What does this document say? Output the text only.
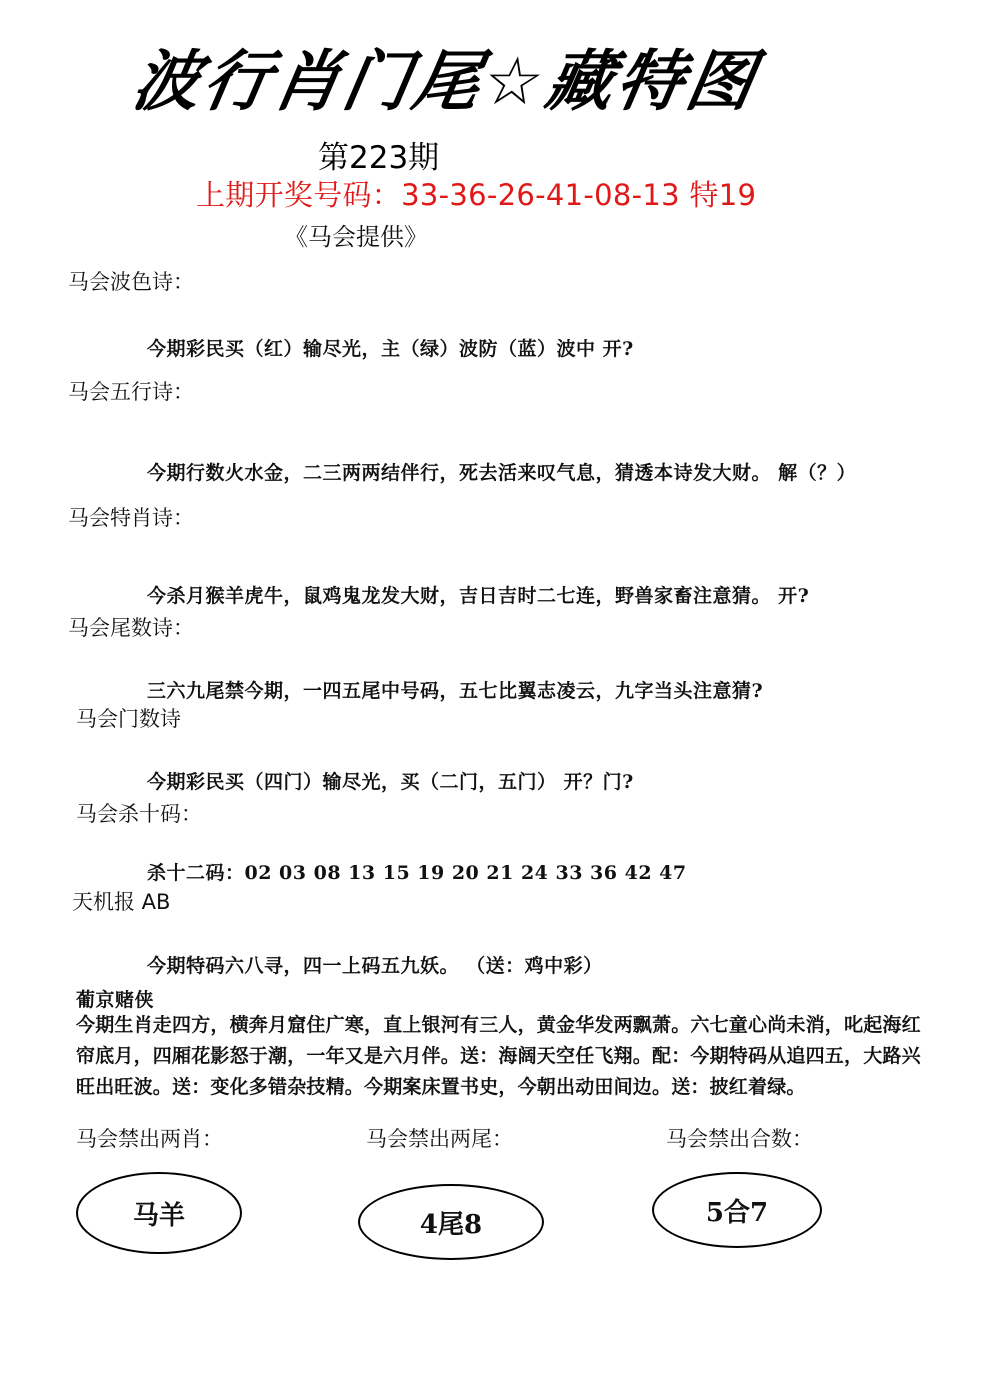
波行肖门尾☆藏特图
第223期
上期开奖号码：33-36-26-41-08-13 特19
《马会提供》
马会波色诗：
今期彩民买（红）输尽光，主（绿）波防（蓝）波中 开?
马会五行诗：
今期行数火水金，二三两两结伴行，死去活来叹气息，猜透本诗发大财。 解（？）
马会特肖诗：
今杀月猴羊虎牛，鼠鸡鬼龙发大财，吉日吉时二七连，野兽家畜注意猜。 开?
马会尾数诗：
三六九尾禁今期，一四五尾中号码，五七比翼志凌云，九字当头注意猜?
马会门数诗
今期彩民买（四门）输尽光，买（二门，五门） 开？门?
马会杀十码：
杀十二码：02 03 08 13 15 19 20 21 24 33 36 42 47
天机报 AB
今期特码六八寻，四一上码五九妖。 （送：鸡中彩）
葡京赌侠
今期生肖走四方，横奔月窟住广寒，直上银河有三人，黄金华发两飘萧。六七童心尚未消，叱起海红帘底月，四厢花影怒于潮，一年又是六月伴。送：海阔天空任飞翔。配：今期特码从追四五，大路兴旺出旺波。送：变化多错杂技精。今期案床置书史，今朝出动田间边。送：披红着绿。
马会禁出两肖：	马会禁出两尾：	马会禁出合数：
马羊	4尾8	5合7
